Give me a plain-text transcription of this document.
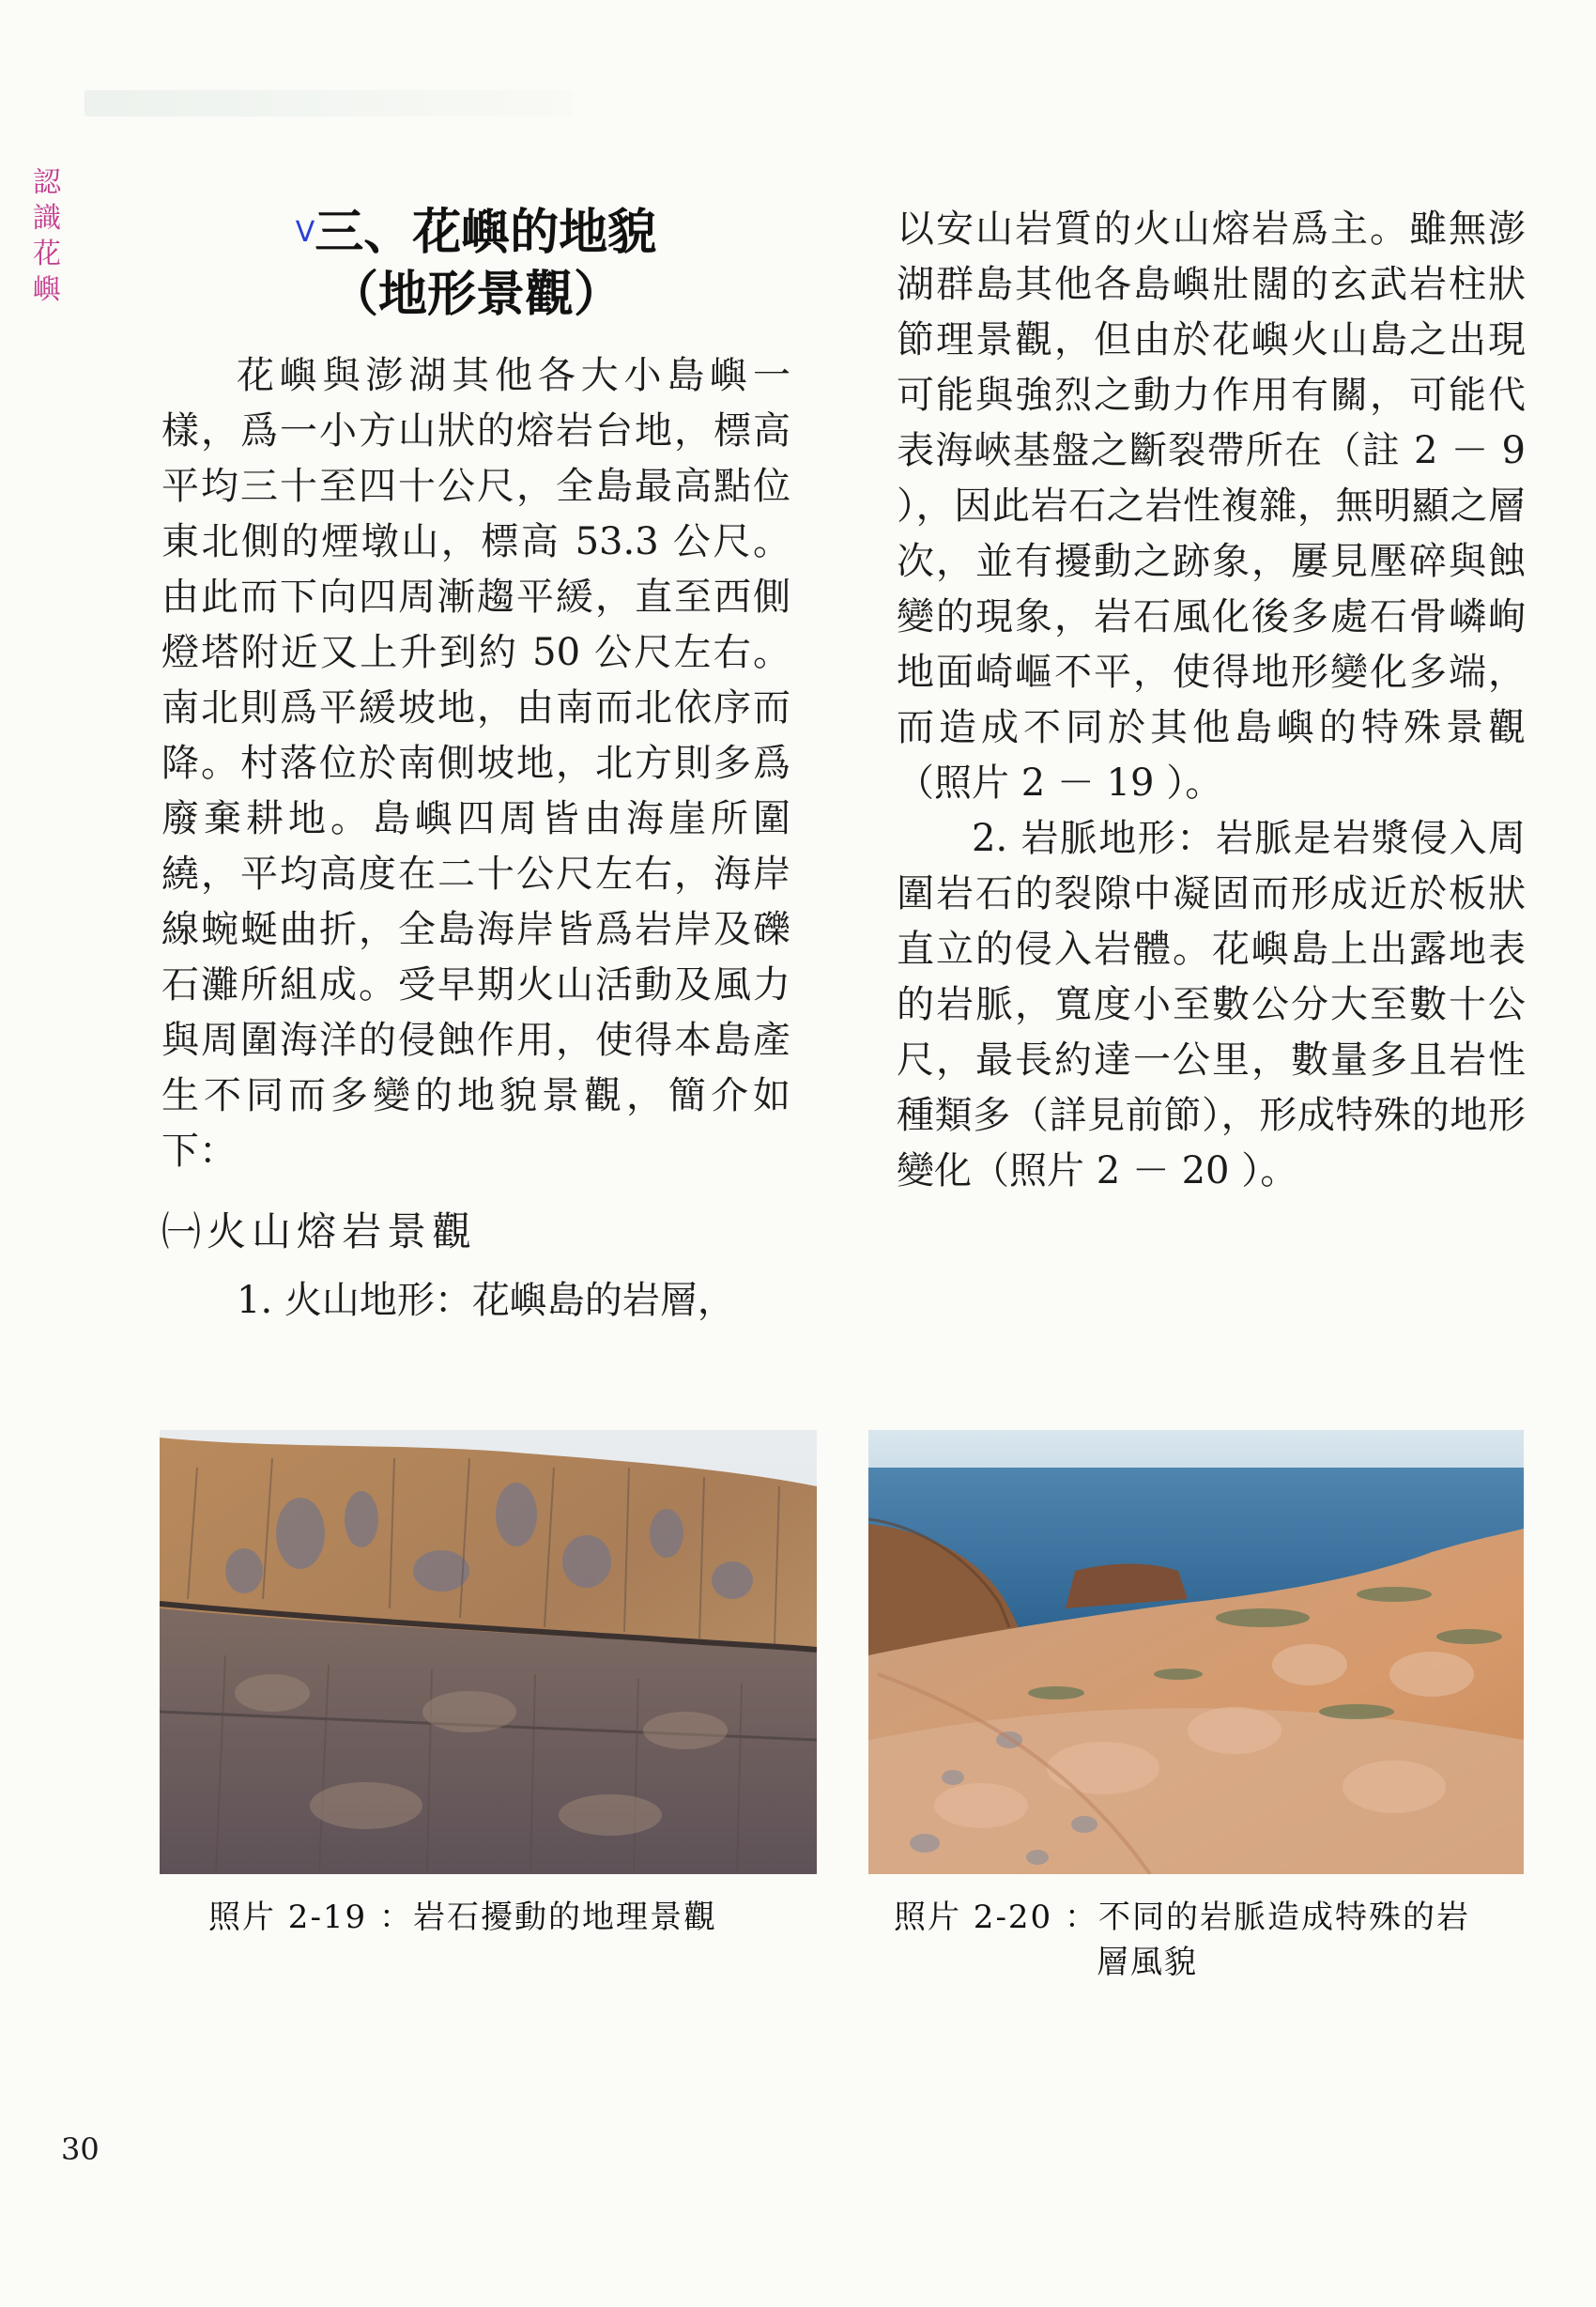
認
識
花
嶼
$^V$三、花嶼的地貌
（地形景觀）

花嶼與澎湖其他各大小島嶼一樣，爲一小方山狀的熔岩台地，標高平均三十至四十公尺，全島最高點位東北側的煙墩山，標高 53.3 公尺。由此而下向四周漸趨平緩，直至西側燈塔附近又上升到約 50 公尺左右。南北則爲平緩坡地，由南而北依序而降。村落位於南側坡地，北方則多爲廢棄耕地。島嶼四周皆由海崖所圍繞，平均高度在二十公尺左右，海岸線蜿蜒曲折，全島海岸皆爲岩岸及礫石灘所組成。受早期火山活動及風力與周圍海洋的侵蝕作用，使得本島產生不同而多變的地貌景觀，簡介如下：

㈠火山熔岩景觀

1. 火山地形：花嶼島的岩層，

以安山岩質的火山熔岩爲主。雖無澎湖群島其他各島嶼壯闊的玄武岩柱狀節理景觀，但由於花嶼火山島之出現可能與強烈之動力作用有關，可能代表海峽基盤之斷裂帶所在（註 2 － 9 ），因此岩石之岩性複雜，無明顯之層次，並有擾動之跡象，屢見壓碎與蝕變的現象，岩石風化後多處石骨嶙峋地面崎嶇不平，使得地形變化多端，而造成不同於其他島嶼的特殊景觀（照片 2 － 19 ）。

2. 岩脈地形：岩脈是岩漿侵入周圍岩石的裂隙中凝固而形成近於板狀直立的侵入岩體。花嶼島上出露地表的岩脈，寬度小至數公分大至數十公尺，最長約達一公里，數量多且岩性種類多（詳見前節），形成特殊的地形變化（照片 2 － 20 ）。

照片 2-19 ：岩石擾動的地理景觀	照片 2-20 ：不同的岩脈造成特殊的岩
層風貌
30
